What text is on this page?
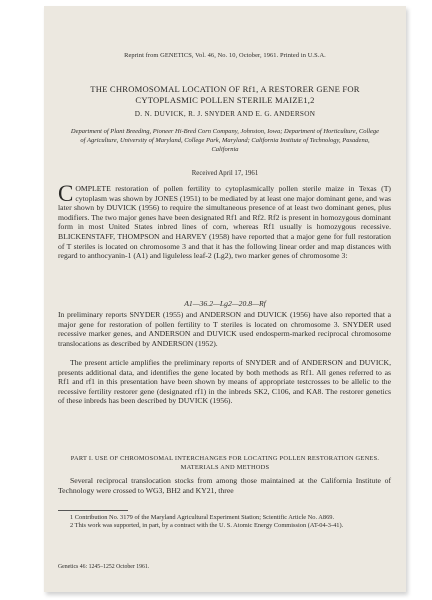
Reprint from GENETICS, Vol. 46, No. 10, October, 1961. Printed in U.S.A.
THE CHROMOSOMAL LOCATION OF Rf1, A RESTORER GENE FOR CYTOPLASMIC POLLEN STERILE MAIZE1,2
D. N. DUVICK, R. J. SNYDER AND E. G. ANDERSON
Department of Plant Breeding, Pioneer Hi-Bred Corn Company, Johnston, Iowa; Department of Horticulture, College of Agriculture, University of Maryland, College Park, Maryland; California Institute of Technology, Pasadena, California
Received April 17, 1961
COMPLETE restoration of pollen fertility to cytoplasmically pollen sterile maize in Texas (T) cytoplasm was shown by JONES (1951) to be mediated by at least one major dominant gene, and was later shown by DUVICK (1956) to require the simultaneous presence of at least two dominant genes, plus modifiers. The two major genes have been designated Rf1 and Rf2. Rf2 is present in homozygous dominant form in most United States inbred lines of corn, whereas Rf1 usually is homozygous recessive. BLICKENSTAFF, THOMPSON and HARVEY (1958) have reported that a major gene for full restoration of T steriles is located on chromosome 3 and that it has the following linear order and map distances with regard to anthocyanin-1 (A1) and liguleless leaf-2 (Lg2), two marker genes of chromosome 3:
A1—36.2—Lg2—20.8—Rf
In preliminary reports SNYDER (1955) and ANDERSON and DUVICK (1956) have also reported that a major gene for restoration of pollen fertility to T steriles is located on chromosome 3. SNYDER used recessive marker genes, and ANDERSON and DUVICK used endosperm-marked reciprocal chromosome translocations as described by ANDERSON (1952).
The present article amplifies the preliminary reports of SNYDER and of ANDERSON and DUVICK, presents additional data, and identifies the gene located by both methods as Rf1. All genes referred to as Rf1 and rf1 in this presentation have been shown by means of appropriate testcrosses to be allelic to the recessive fertility restorer gene (designated rf1) in the inbreds SK2, C106, and KA8. The restorer genetics of these inbreds has been described by DUVICK (1956).
PART I. USE OF CHROMOSOMAL INTERCHANGES FOR LOCATING POLLEN RESTORATION GENES. MATERIALS AND METHODS
Several reciprocal translocation stocks from among those maintained at the California Institute of Technology were crossed to WG3, BH2 and KY21, three
1 Contribution No. 3179 of the Maryland Agricultural Experiment Station; Scientific Article No. A869.
2 This work was supported, in part, by a contract with the U. S. Atomic Energy Commission (AT-04-3-41).
Genetics 46: 1245–1252 October 1961.
